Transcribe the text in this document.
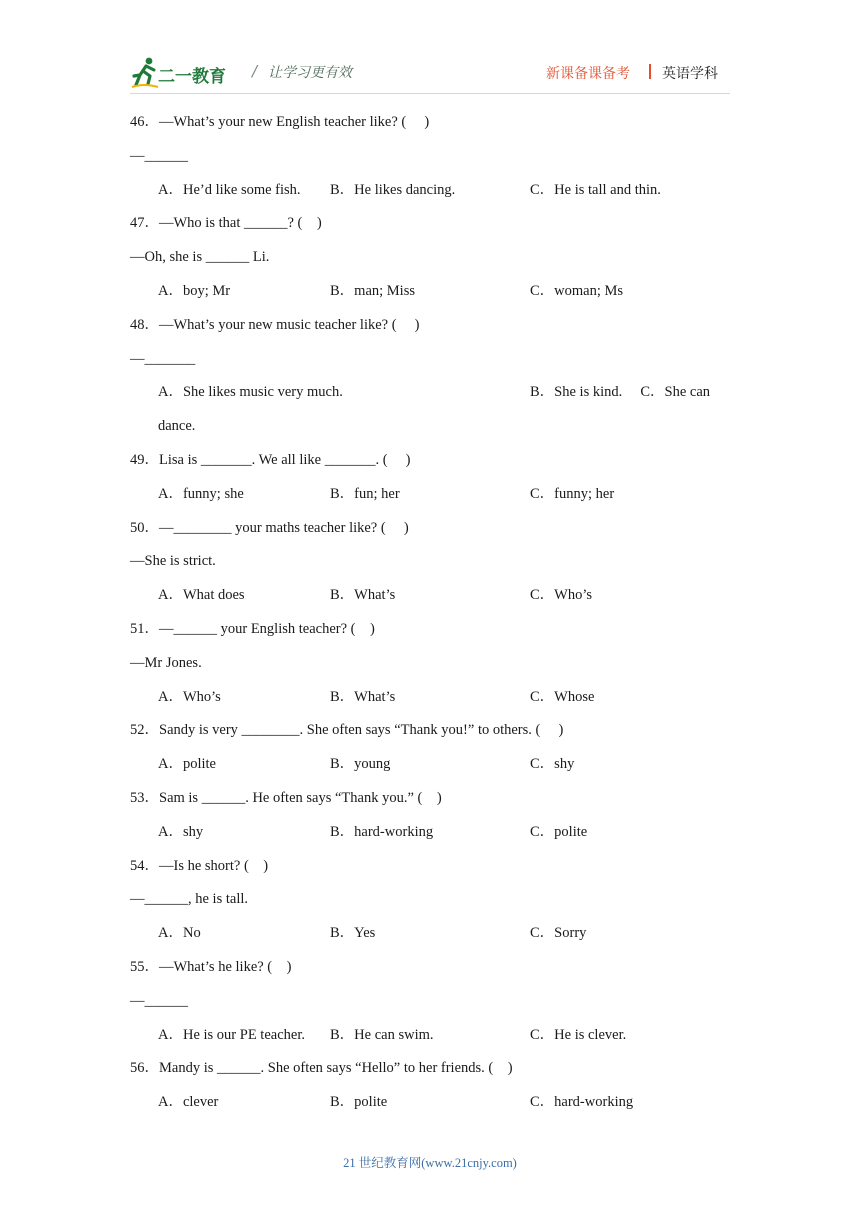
二一教育 / 让学习更有效	新课备课备考 英语学科
46．—What’s your new English teacher like? (　 )
—______
A．He’d like some fish. B．He likes dancing.	C．He is tall and thin.
47．—Who is that ______? (　)
—Oh, she is ______ Li.
A．boy; Mr	B．man; Miss	C．woman; Ms
48．—What’s your new music teacher like? (　 )
—_______
A．She likes music very much.	B．She is kind.　 C．She can
dance.
49．Lisa is _______. We all like _______. (　 )
A．funny; she	B．fun; her	C．funny; her
50．—________ your maths teacher like? (　 )
—She is strict.
A．What does	B．What’s	C．Who’s
51．—______ your English teacher? (　)
—Mr Jones.
A．Who’s	B．What’s	C．Whose
52．Sandy is very ________. She often says “Thank you!” to others. (　 )
A．polite	B．young	C．shy
53．Sam is ______. He often says “Thank you.” (　)
A．shy	B．hard-working	C．polite
54．—Is he short? (　)
—______, he is tall.
A．No	B．Yes	C．Sorry
55．—What’s he like? (　)
—______
A．He is our PE teacher. B．He can swim.	C．He is clever.
56．Mandy is ______. She often says “Hello” to her friends. (　)
A．clever	B．polite	C．hard-working
21 世纪教育网(www.21cnjy.com)
